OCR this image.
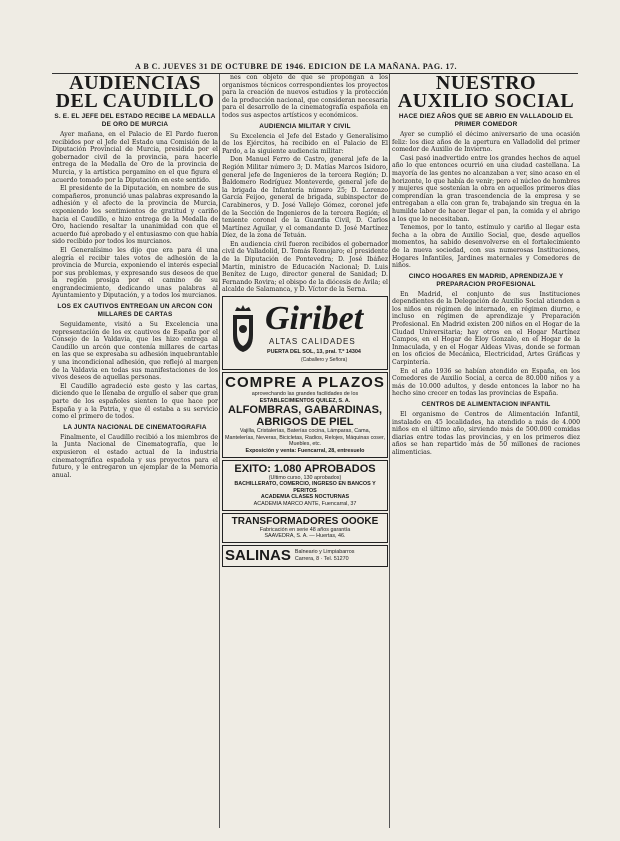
A B C. JUEVES 31 DE OCTUBRE DE 1946. EDICION DE LA MAÑANA. PAG. 17.
AUDIENCIAS DEL CAUDILLO
S. E. EL JEFE DEL ESTADO RECIBE LA MEDALLA DE ORO DE MURCIA

Ayer mañana, en el Palacio de El Pardo fueron recibidos por el Jefe del Estado una Comisión de la Diputación Provincial de Murcia, presidida por el gobernador civil de la provincia, para hacerle entrega de la Medalla de Oro de la provincia de Murcia, y la artística pergamino en el que figura el acuerdo tomado por la Diputación en este sentido.

El presidente de la Diputación, en nombre de sus compañeros, pronunció unas palabras expresando la adhesión y el afecto de la provincia de Murcia, exponiendo los sentimientos de gratitud y cariño hacia el Caudillo, e hizo entrega de la Medalla de Oro, haciendo resaltar la unanimidad con que el acuerdo fué aprobado y el entusiasmo con que había sido recibido por todos los murcianos.

El Generalísimo les dijo que era para él una alegría el recibir tales votos de adhesión de la provincia de Murcia, exponiendo el interés especial por sus problemas, y expresando sus deseos de que la región prosiga por el camino de su engrandecimiento, dedicando unas palabras al Ayuntamiento y Diputación, y a todos los murcianos.

LOS EX CAUTIVOS ENTREGAN UN ARCON CON MILLARES DE CARTAS

Seguidamente, visitó a Su Excelencia una representación de los ex cautivos de España por el Consejo de la Valdavia, que les hizo entrega al Caudillo un arcón que contenía millares de cartas en las que se expresaba su adhesión inquebrantable y una incondicional adhesión, que reflejó al margen de la Valdavia en todas sus manifestaciones de los vivos deseos de aquellas personas.

El Caudillo agradeció este gesto y las cartas, diciendo que le llenaba de orgullo el saber que gran parte de los españoles sienten lo que hace por España y a la Patria, y que él estaba a su servicio como el primero de todos.

LA JUNTA NACIONAL DE CINEMATOGRAFIA

Finalmente, el Caudillo recibió a los miembros de la Junta Nacional de Cinematografía, que le expusieron el estado actual de la industria cinematográfica española y sus proyectos para el futuro, y le entregaron un ejemplar de la Memoria anual.

nes con objeto de que se propongan a los organismos técnicos correspondientes los proyectos para la creación de nuevos estudios y la protección de la producción nacional, que consideran necesaria para el desarrollo de la cinematografía española en todos sus aspectos artísticos y económicos.

AUDIENCIA MILITAR Y CIVIL

Su Excelencia el Jefe del Estado y Generalísimo de los Ejércitos, ha recibido en el Palacio de El Pardo, a la siguiente audiencia militar:

Don Manuel Ferro de Castro, general jefe de la Región Militar número 3; D. Matías Marcos Isidoro, general jefe de Ingenieros de la tercera Región; D. Baldomero Rodríguez Monteverde, general jefe de la brigada de Infantería número 25; D. Lorenzo García Feijoo, general de brigada, subinspector de Carabineros, y D. José Vallejo Gómez, coronel jefe de la Sección de Ingenieros de la tercera Región; el teniente coronel de la Guardia Civil, D. Carlos Martínez Aguilar, y el comandante D. José Martínez Díez, de la zona de Tetuán.

En audiencia civil fueron recibidos el gobernador civil de Valladolid, D. Tomás Romojaro; el presidente de la Diputación de Pontevedra; D. José Ibáñez Martín, ministro de Educación Nacional; D. Luis Benítez de Lugo, director general de Sanidad; D. Fernando Rovira; el obispo de la diócesis de Ávila; el alcalde de Salamanca, y D. Víctor de la Serna.

Giribet
ALTAS CALIDADES
PUERTA DEL SOL, 13, pral. T.º 14304
(Caballero y Señora)
COMPRE A PLAZOS
aprovechando las grandes facilidades de los
ESTABLECIMIENTOS QUILEZ, S. A.
ALFOMBRAS, GABARDINAS, ABRIGOS DE PIEL
Vajilla, Cristalerías, Baterías cocina, Lámparas, Cama, Mantelerías, Neveras, Bicicletas, Radios, Relojes, Máquinas coser, Muebles, etc.
Exposición y venta: Fuencarral, 28, entresuelo
EXITO: 1.080 APROBADOS
(Ultimo curso, 130 aprobados)
BACHILLERATO, COMERCIO, INGRESO EN BANCOS Y PERITOS
ACADEMIA CLASES NOCTURNAS
ACADEMIA MARCO ANTE, Fuencarral, 37
TRANSFORMADORES OOOKE
Fabricación en serie 48 años garantía
SAAVEDRA, S. A. — Huertas, 46.
SALINAS Balneario y Limpiabarros
Carrera, 8 · Tel. 51270
NUESTRO AUXILIO SOCIAL
HACE DIEZ AÑOS QUE SE ABRIO EN VALLADOLID EL PRIMER COMEDOR

Ayer se cumplió el décimo aniversario de una ocasión feliz: los diez años de la apertura en Valladolid del primer comedor de Auxilio de Invierno.

Casi pasó inadvertido entre los grandes hechos de aquel año lo que entonces ocurrió en una ciudad castellana. La mayoría de las gentes no alcanzaban a ver, sino acaso en el horizonte, lo que había de venir; pero el núcleo de hombres y mujeres que sostenían la obra en aquellos primeros días comprendían la gran trascendencia de la empresa y se entregaban a ella con gran fe, trabajando sin tregua en la humilde labor de hacer llegar el pan, la comida y el abrigo a los que lo necesitaban.

Tenemos, por lo tanto, estímulo y cariño al llegar esta fecha a la obra de Auxilio Social, que, desde aquellos momentos, ha sabido desenvolverse en el fortalecimiento de la nueva sociedad, con sus numerosas Instituciones, Hogares Infantiles, Jardines maternales y Comedores de niños.

CINCO HOGARES EN MADRID, APRENDIZAJE Y PREPARACION PROFESIONAL

En Madrid, el conjunto de sus Instituciones dependientes de la Delegación de Auxilio Social atienden a los niños en régimen de internado, en régimen diurno, e incluso en régimen de aprendizaje y Preparación Profesional. En Madrid existen 200 niños en el Hogar de la Ciudad Universitaria; hay otros en el Hogar Martínez Campos, en el Hogar de Eloy Gonzalo, en el Hogar de la Inmaculada, y en el Hogar Aldeas Vivas, donde se forman en los oficios de Mecánica, Electricidad, Artes Gráficas y Carpintería.

En el año 1936 se habían atendido en España, en los Comedores de Auxilio Social, a cerca de 80.000 niños y a más de 10.000 adultos, y desde entonces la labor no ha hecho sino crecer en todas las provincias de España.

CENTROS DE ALIMENTACION INFANTIL

El organismo de Centros de Alimentación Infantil, instalado en 45 localidades, ha atendido a más de 4.000 niños en el último año, sirviendo más de 500.000 comidas diarias entre todas las provincias, y en los primeros diez años se han repartido más de 50 millones de raciones alimenticias.
